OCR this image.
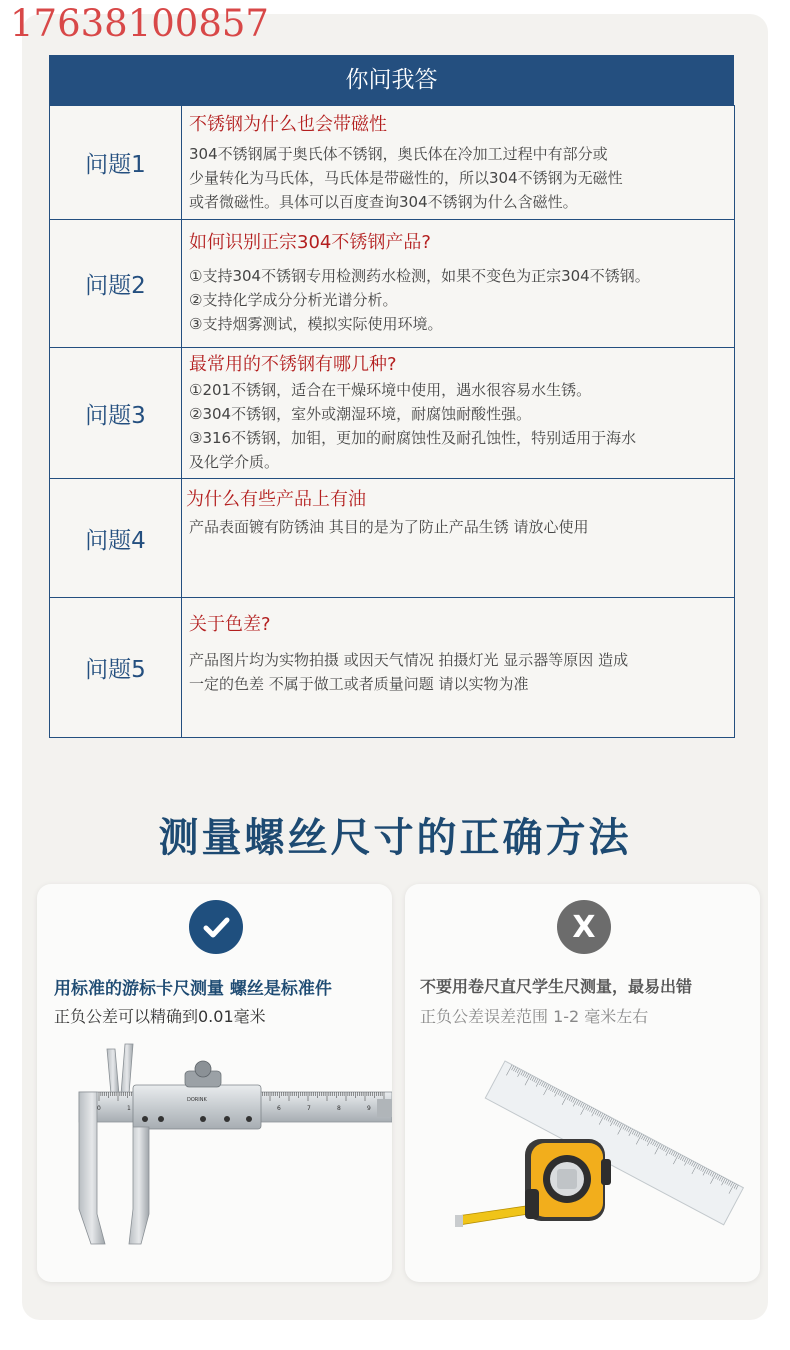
17638100857

你问我答
问题1	不锈钢为什么也会带磁性
304不锈钢属于奥氏体不锈钢，奥氏体在冷加工过程中有部分或
少量转化为马氏体，马氏体是带磁性的，所以304不锈钢为无磁性
或者微磁性。具体可以百度查询304不锈钢为什么含磁性。

问题2	如何识别正宗304不锈钢产品?
①支持304不锈钢专用检测药水检测，如果不变色为正宗304不锈钢。
②支持化学成分分析光谱分析。
③支持烟雾测试，模拟实际使用环境。

问题3	最常用的不锈钢有哪几种?
①201不锈钢，适合在干燥环境中使用，遇水很容易水生锈。
②304不锈钢，室外或潮湿环境，耐腐蚀耐酸性强。
③316不锈钢，加钼，更加的耐腐蚀性及耐孔蚀性，特别适用于海水
及化学介质。

问题4	为什么有些产品上有油
产品表面镀有防锈油 其目的是为了防止产品生锈 请放心使用

问题5	关于色差?
产品图片均为实物拍摄 或因天气情况 拍摄灯光 显示器等原因 造成
一定的色差 不属于做工或者质量问题 请以实物为准
测量螺丝尺寸的正确方法
用标准的游标卡尺测量 螺丝是标准件
正负公差可以精确到0.01毫米
0	1	6	7	8	9
DORINK
X
不要用卷尺直尺学生尺测量，最易出错
正负公差误差范围 1-2 毫米左右
